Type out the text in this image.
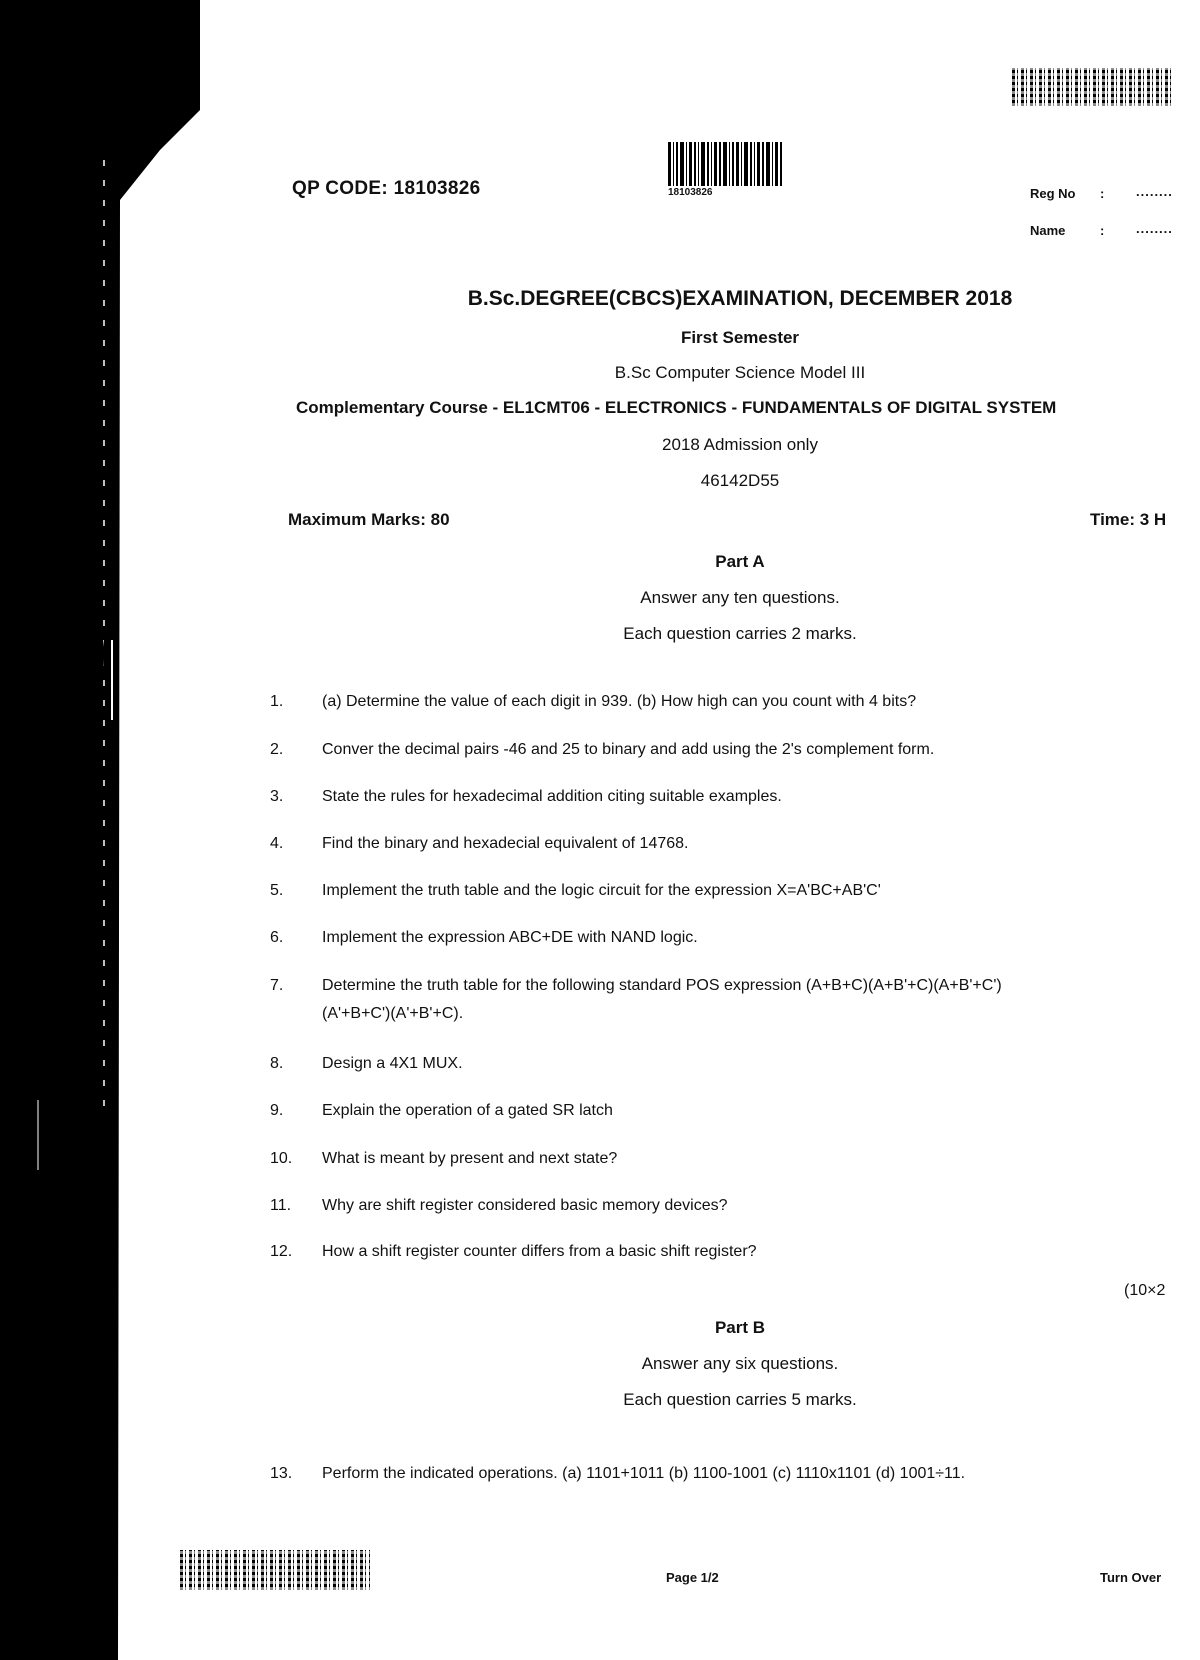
QP CODE: 18103826	18103826	Reg No : ........
Name	: ........
B.Sc.DEGREE(CBCS)EXAMINATION, DECEMBER 2018
First Semester
B.Sc Computer Science Model III
Complementary Course - EL1CMT06 - ELECTRONICS - FUNDAMENTALS OF DIGITAL SYSTEM
2018 Admission only
46142D55
Maximum Marks: 80	Time: 3 H
Part A
Answer any ten questions.
Each question carries 2 marks.
1. (a) Determine the value of each digit in 939. (b) How high can you count with 4 bits?
2. Conver the decimal pairs -46 and 25 to binary and add using the 2's complement form.
3. State the rules for hexadecimal addition citing suitable examples.
4. Find the binary and hexadecial equivalent of 14768.
5. Implement the truth table and the logic circuit for the expression X=A'BC+AB'C'
6. Implement the expression ABC+DE with NAND logic.
7. Determine the truth table for the following standard POS expression (A+B+C)(A+B'+C)(A+B'+C')
(A'+B+C')(A'+B'+C).
8. Design a 4X1 MUX.
9. Explain the operation of a gated SR latch
10. What is meant by present and next state?
11. Why are shift register considered basic memory devices?
12. How a shift register counter differs from a basic shift register?
(10×2
Part B
Answer any six questions.
Each question carries 5 marks.
13. Perform the indicated operations. (a) 1101+1011 (b) 1100-1001 (c) 1110x1101 (d) 1001÷11.
Page 1/2	Turn Over
